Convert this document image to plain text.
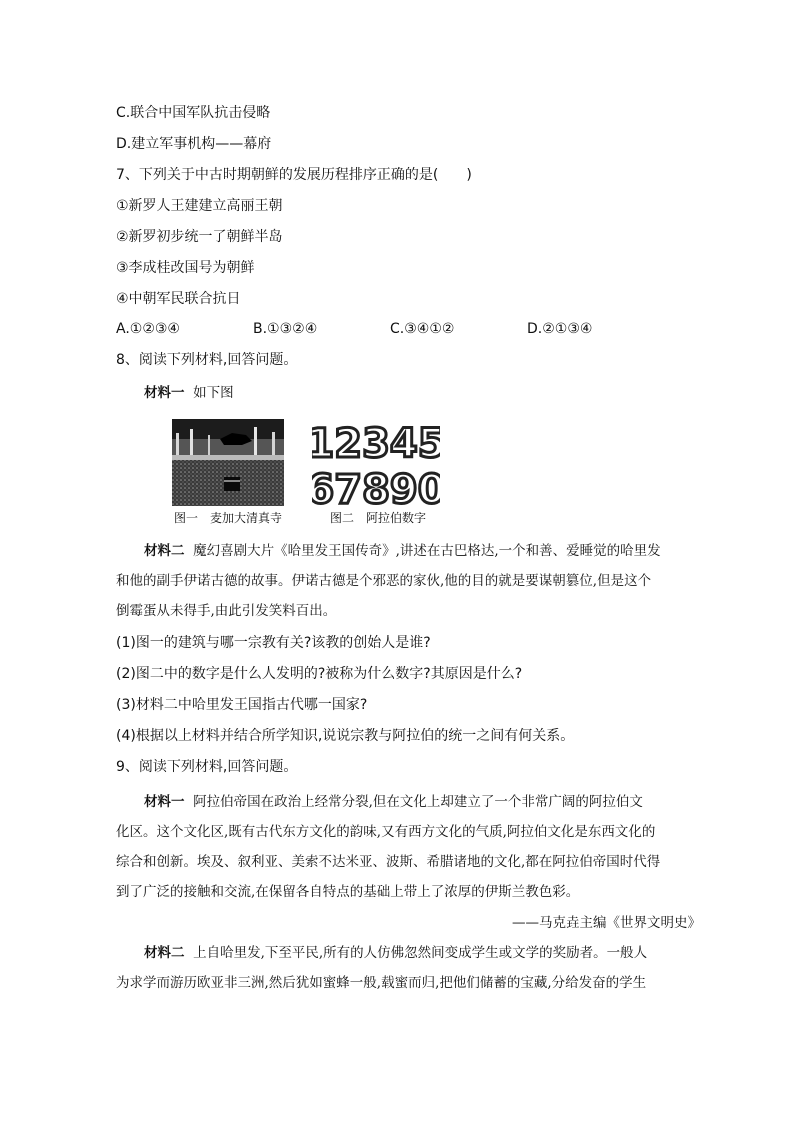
C.联合中国军队抗击侵略
D.建立军事机构——幕府
7、下列关于中古时期朝鲜的发展历程排序正确的是(　　)
①新罗人王建建立高丽王朝
②新罗初步统一了朝鲜半岛
③李成桂改国号为朝鲜
④中朝军民联合抗日
A.①②③④	B.①③②④	C.③④①②	D.②①③④
8、阅读下列材料,回答问题。
材料一 如下图
12345
67890
图一　麦加大清真寺	图二　阿拉伯数字
材料二 魔幻喜剧大片《哈里发王国传奇》,讲述在古巴格达,一个和善、爱睡觉的哈里发
和他的副手伊诺古德的故事。伊诺古德是个邪恶的家伙,他的目的就是要谋朝篡位,但是这个
倒霉蛋从未得手,由此引发笑料百出。
(1)图一的建筑与哪一宗教有关?该教的创始人是谁?
(2)图二中的数字是什么人发明的?被称为什么数字?其原因是什么?
(3)材料二中哈里发王国指古代哪一国家?
(4)根据以上材料并结合所学知识,说说宗教与阿拉伯的统一之间有何关系。
9、阅读下列材料,回答问题。
材料一 阿拉伯帝国在政治上经常分裂,但在文化上却建立了一个非常广阔的阿拉伯文
化区。这个文化区,既有古代东方文化的韵味,又有西方文化的气质,阿拉伯文化是东西文化的
综合和创新。埃及、叙利亚、美索不达米亚、波斯、希腊诸地的文化,都在阿拉伯帝国时代得
到了广泛的接触和交流,在保留各自特点的基础上带上了浓厚的伊斯兰教色彩。
——马克垚主编《世界文明史》
材料二 上自哈里发,下至平民,所有的人仿佛忽然间变成学生或文学的奖励者。一般人
为求学而游历欧亚非三洲,然后犹如蜜蜂一般,载蜜而归,把他们储蓄的宝藏,分给发奋的学生
